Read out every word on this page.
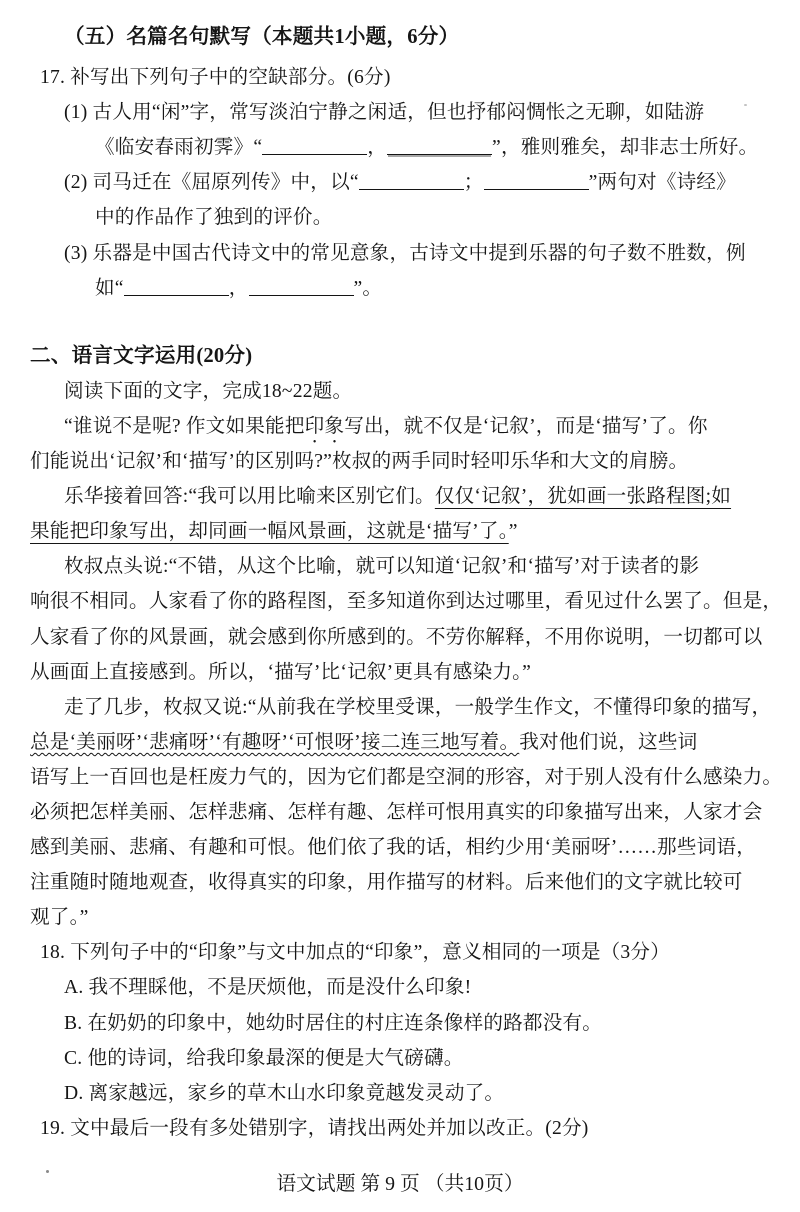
（五）名篇名句默写（本题共1小题，6分）
17. 补写出下列句子中的空缺部分。(6分)
(1) 古人用“闲”字，常写淡泊宁静之闲适，但也抒郁闷惆怅之无聊，如陆游
《临安春雨初霁》“	，	”，雅则雅矣，却非志士所好。
(2) 司马迁在《屈原列传》中，以“	；	”两句对《诗经》
中的作品作了独到的评价。
(3) 乐器是中国古代诗文中的常见意象，古诗文中提到乐器的句子数不胜数，例
如“	，	”。
二、语言文字运用(20分)
阅读下面的文字，完成18~22题。
“谁说不是呢? 作文如果能把印象写出，就不仅是‘记叙’，而是‘描写’了。你
们能说出‘记叙’和‘描写’的区别吗?”枚叔的两手同时轻叩乐华和大文的肩膀。
乐华接着回答:“我可以用比喻来区别它们。仅仅‘记叙’，犹如画一张路程图;如
果能把印象写出，却同画一幅风景画，这就是‘描写’了。”
枚叔点头说:“不错，从这个比喻，就可以知道‘记叙’和‘描写’对于读者的影
响很不相同。人家看了你的路程图，至多知道你到达过哪里，看见过什么罢了。但是，
人家看了你的风景画，就会感到你所感到的。不劳你解释，不用你说明，一切都可以
从画面上直接感到。所以，‘描写’比‘记叙’更具有感染力。”
走了几步，枚叔又说:“从前我在学校里受课，一般学生作文，不懂得印象的描写，
总是‘美丽呀’‘悲痛呀’‘有趣呀’‘可恨呀’接二连三地写着。我对他们说，这些词
语写上一百回也是枉废力气的，因为它们都是空洞的形容，对于别人没有什么感染力。
必须把怎样美丽、怎样悲痛、怎样有趣、怎样可恨用真实的印象描写出来，人家才会
感到美丽、悲痛、有趣和可恨。他们依了我的话，相约少用‘美丽呀’……那些词语，
注重随时随地观查，收得真实的印象，用作描写的材料。后来他们的文字就比较可
观了。”
18. 下列句子中的“印象”与文中加点的“印象”，意义相同的一项是（3分）
A. 我不理睬他，不是厌烦他，而是没什么印象!
B. 在奶奶的印象中，她幼时居住的村庄连条像样的路都没有。
C. 他的诗词，给我印象最深的便是大气磅礴。
D. 离家越远，家乡的草木山水印象竟越发灵动了。
19. 文中最后一段有多处错别字，请找出两处并加以改正。(2分)
语文试题 第 9 页 （共10页）
